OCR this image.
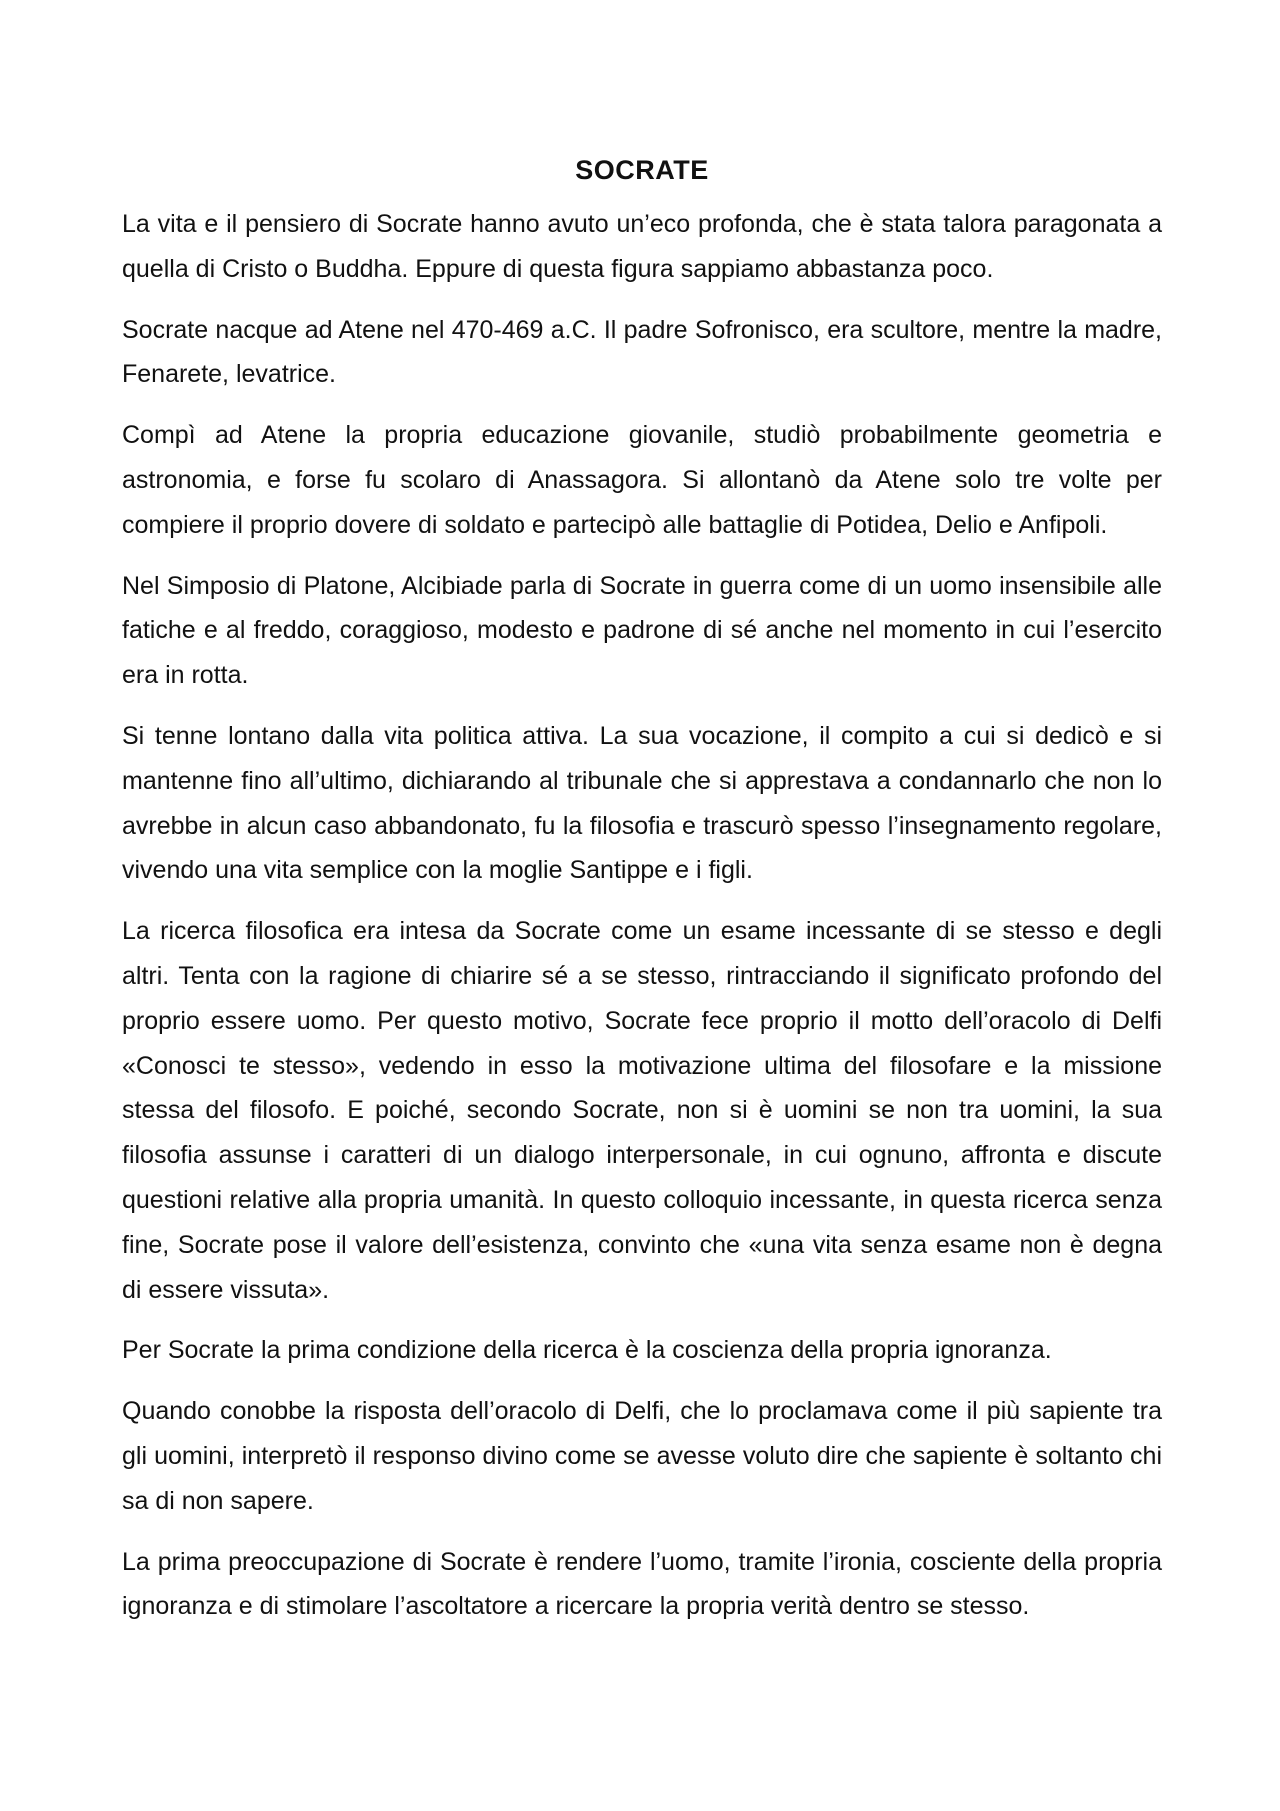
SOCRATE

La vita e il pensiero di Socrate hanno avuto un’eco profonda, che è stata talora paragonata a quella di Cristo o Buddha. Eppure di questa figura sappiamo abbastanza poco.

Socrate nacque ad Atene nel 470-469 a.C. Il padre Sofronisco, era scultore, mentre la madre, Fenarete, levatrice.

Compì ad Atene la propria educazione giovanile, studiò probabilmente geometria e astronomia, e forse fu scolaro di Anassagora. Si allontanò da Atene solo tre volte per compiere il proprio dovere di soldato e partecipò alle battaglie di Potidea, Delio e Anfipoli.

Nel Simposio di Platone, Alcibiade parla di Socrate in guerra come di un uomo insensibile alle fatiche e al freddo, coraggioso, modesto e padrone di sé anche nel momento in cui l’esercito era in rotta.

Si tenne lontano dalla vita politica attiva. La sua vocazione, il compito a cui si dedicò e si mantenne fino all’ultimo, dichiarando al tribunale che si apprestava a condannarlo che non lo avrebbe in alcun caso abbandonato, fu la filosofia e trascurò spesso l’insegnamento regolare, vivendo una vita semplice con la moglie Santippe e i figli.

La ricerca filosofica era intesa da Socrate come un esame incessante di se stesso e degli altri. Tenta con la ragione di chiarire sé a se stesso, rintracciando il significato profondo del proprio essere uomo. Per questo motivo, Socrate fece proprio il motto dell’oracolo di Delfi «Conosci te stesso», vedendo in esso la motivazione ultima del filosofare e la missione stessa del filosofo. E poiché, secondo Socrate, non si è uomini se non tra uomini, la sua filosofia assunse i caratteri di un dialogo interpersonale, in cui ognuno, affronta e discute questioni relative alla propria umanità. In questo colloquio incessante, in questa ricerca senza fine, Socrate pose il valore dell’esistenza, convinto che «una vita senza esame non è degna di essere vissuta».

Per Socrate la prima condizione della ricerca è la coscienza della propria ignoranza.

Quando conobbe la risposta dell’oracolo di Delfi, che lo proclamava come il più sapiente tra gli uomini, interpretò il responso divino come se avesse voluto dire che sapiente è soltanto chi sa di non sapere.

La prima preoccupazione di Socrate è rendere l’uomo, tramite l’ironia, cosciente della propria ignoranza e di stimolare l’ascoltatore a ricercare la propria verità dentro se stesso.
